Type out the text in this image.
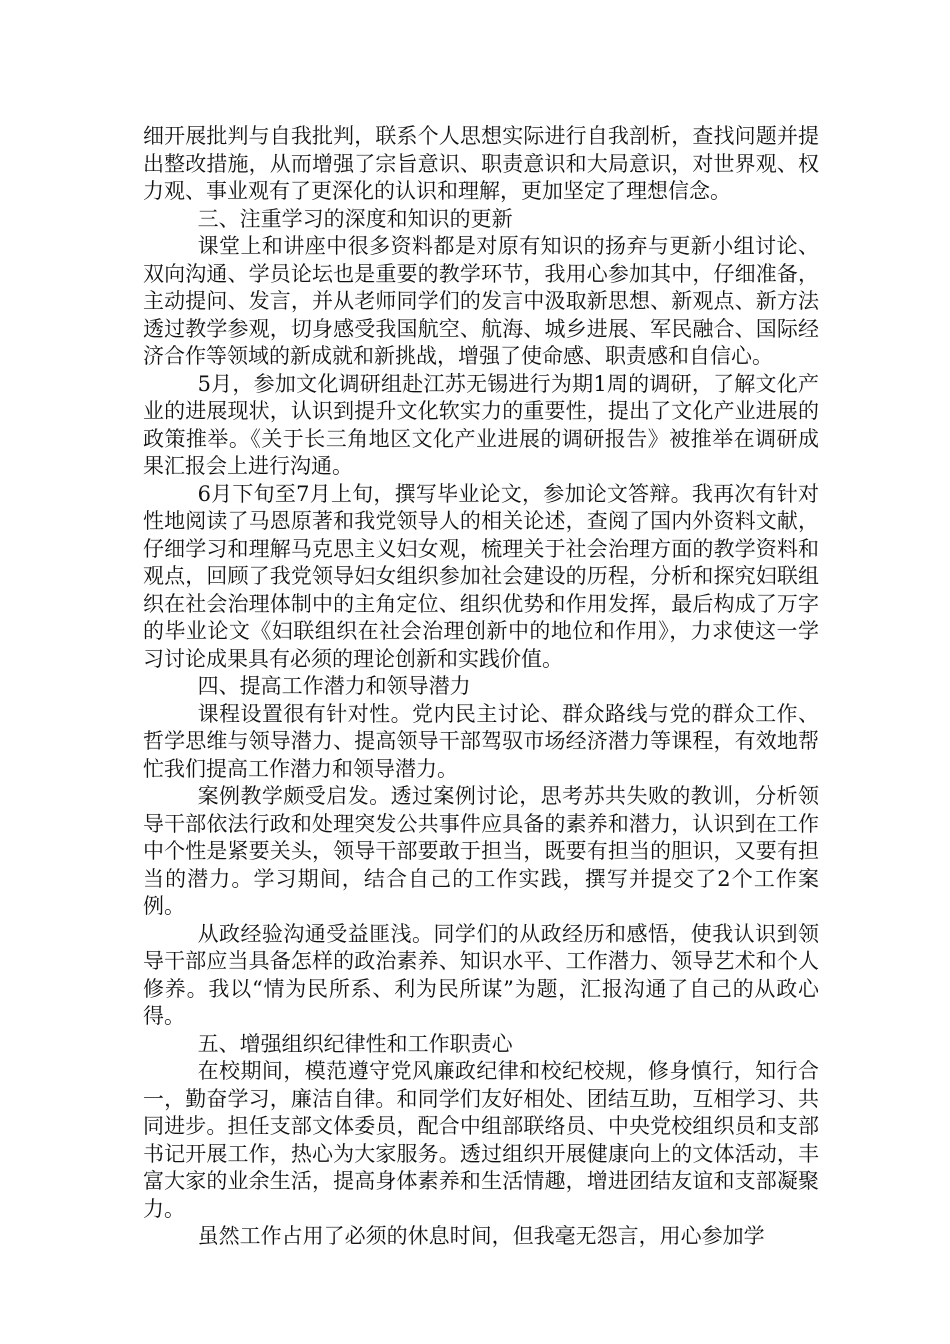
细开展批判与自我批判，联系个人思想实际进行自我剖析，查找问题并提出整改措施，从而增强了宗旨意识、职责意识和大局意识，对世界观、权力观、事业观有了更深化的认识和理解，更加坚定了理想信念。

三、注重学习的深度和知识的更新

课堂上和讲座中很多资料都是对原有知识的扬弃与更新小组讨论、双向沟通、学员论坛也是重要的教学环节，我用心参加其中，仔细准备，主动提问、发言，并从老师同学们的发言中汲取新思想、新观点、新方法透过教学参观，切身感受我国航空、航海、城乡进展、军民融合、国际经济合作等领域的新成就和新挑战，增强了使命感、职责感和自信心。

5月，参加文化调研组赴江苏无锡进行为期1周的调研，了解文化产业的进展现状，认识到提升文化软实力的重要性，提出了文化产业进展的政策推举。《关于长三角地区文化产业进展的调研报告》被推举在调研成果汇报会上进行沟通。

6月下旬至7月上旬，撰写毕业论文，参加论文答辩。我再次有针对性地阅读了马恩原著和我党领导人的相关论述，查阅了国内外资料文献，仔细学习和理解马克思主义妇女观，梳理关于社会治理方面的教学资料和观点，回顾了我党领导妇女组织参加社会建设的历程，分析和探究妇联组织在社会治理体制中的主角定位、组织优势和作用发挥，最后构成了万字的毕业论文《妇联组织在社会治理创新中的地位和作用》，力求使这一学习讨论成果具有必须的理论创新和实践价值。

四、提高工作潜力和领导潜力

课程设置很有针对性。党内民主讨论、群众路线与党的群众工作、哲学思维与领导潜力、提高领导干部驾驭市场经济潜力等课程，有效地帮忙我们提高工作潜力和领导潜力。

案例教学颇受启发。透过案例讨论，思考苏共失败的教训，分析领导干部依法行政和处理突发公共事件应具备的素养和潜力，认识到在工作中个性是紧要关头，领导干部要敢于担当，既要有担当的胆识，又要有担当的潜力。学习期间，结合自己的工作实践，撰写并提交了2个工作案例。

从政经验沟通受益匪浅。同学们的从政经历和感悟，使我认识到领导干部应当具备怎样的政治素养、知识水平、工作潜力、领导艺术和个人修养。我以“情为民所系、利为民所谋”为题，汇报沟通了自己的从政心得。

五、增强组织纪律性和工作职责心

在校期间，模范遵守党风廉政纪律和校纪校规，修身慎行，知行合一，勤奋学习，廉洁自律。和同学们友好相处、团结互助，互相学习、共同进步。担任支部文体委员，配合中组部联络员、中央党校组织员和支部书记开展工作，热心为大家服务。透过组织开展健康向上的文体活动，丰富大家的业余生活，提高身体素养和生活情趣，增进团结友谊和支部凝聚力。

虽然工作占用了必须的休息时间，但我毫无怨言，用心参加学
